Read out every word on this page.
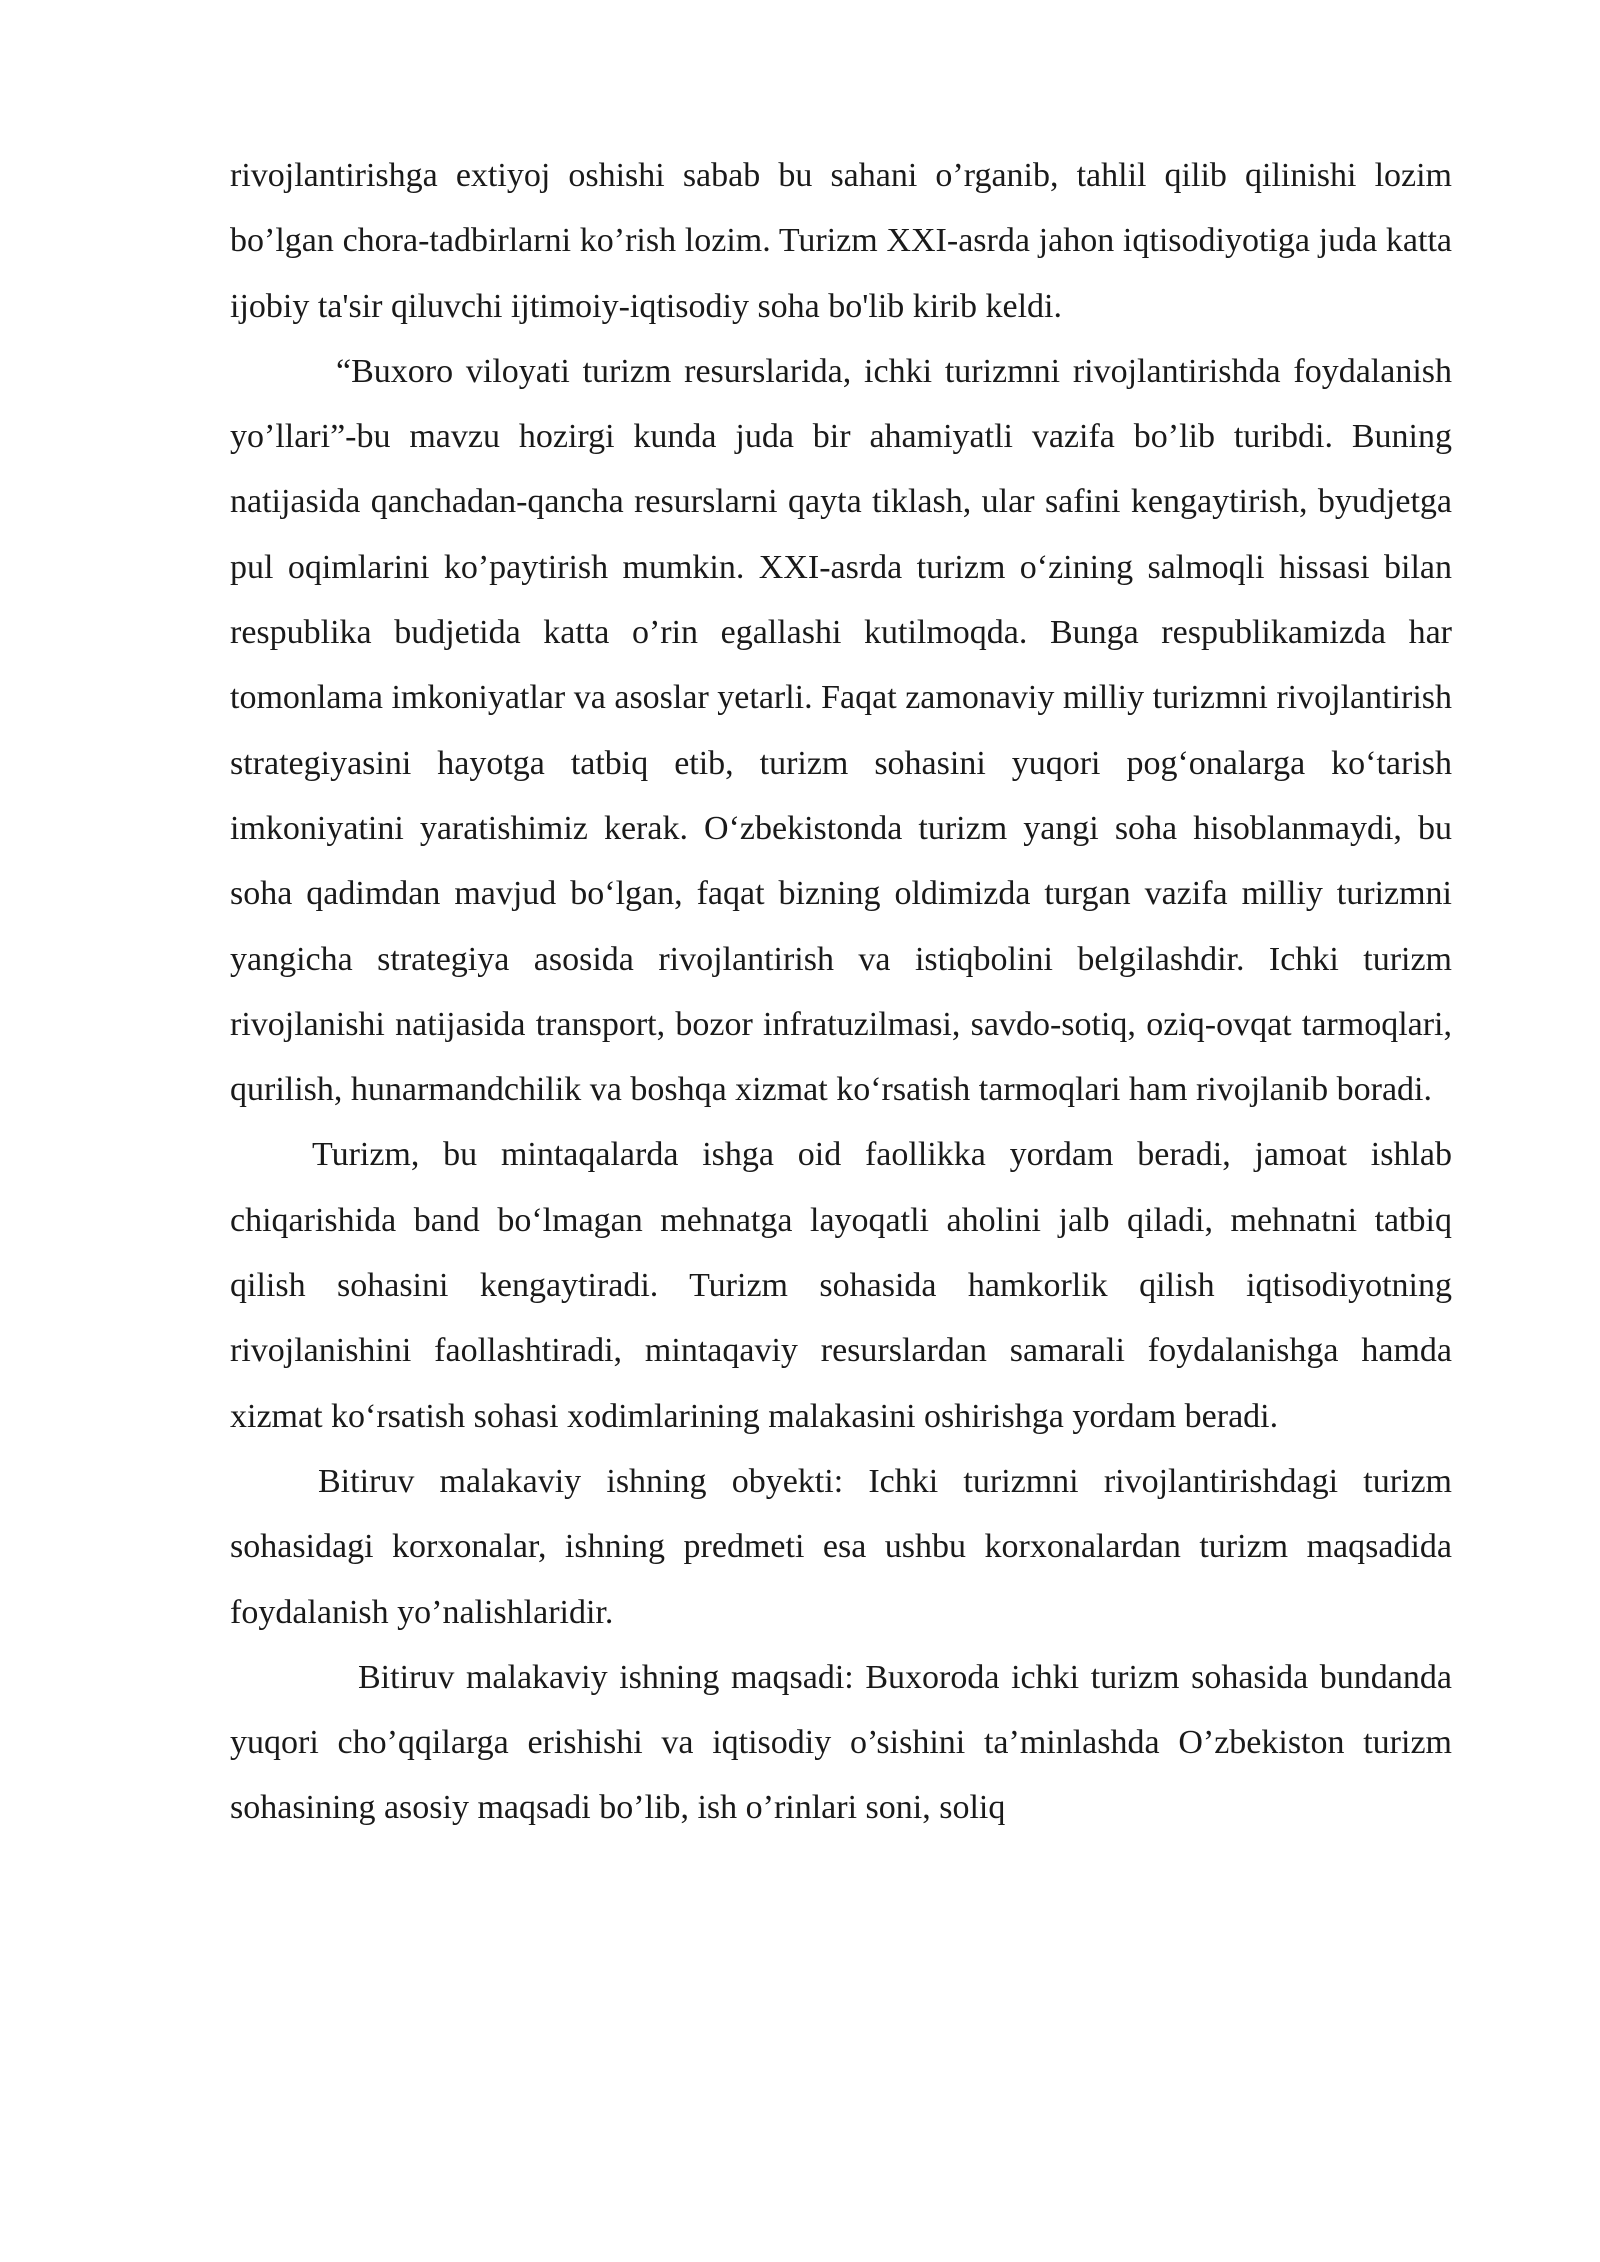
rivojlantirishga extiyoj oshishi sabab bu sahani o’rganib, tahlil qilib qilinishi lozim bo’lgan chora-tadbirlarni ko’rish lozim. Turizm XXI-asrda jahon iqtisodiyotiga juda katta ijobiy ta'sir qiluvchi ijtimoiy-iqtisodiy soha bo'lib kirib keldi.

“Buxoro viloyati turizm resurslarida, ichki turizmni rivojlantirishda foydalanish yo’llari”-bu mavzu hozirgi kunda juda bir ahamiyatli vazifa bo’lib turibdi. Buning natijasida qanchadan-qancha resurslarni qayta tiklash, ular safini kengaytirish, byudjetga pul oqimlarini ko’paytirish mumkin. XXI-asrda turizm o‘zining salmoqli hissasi bilan respublika budjetida katta o’rin egallashi kutilmoqda. Bunga respublikamizda har tomonlama imkoniyatlar va asoslar yetarli. Faqat zamonaviy milliy turizmni rivojlantirish strategiyasini hayotga tatbiq etib, turizm sohasini yuqori pog‘onalarga ko‘tarish imkoniyatini yaratishimiz kerak. O‘zbekistonda turizm yangi soha hisoblanmaydi, bu soha qadimdan mavjud bo‘lgan, faqat bizning oldimizda turgan vazifa milliy turizmni yangicha strategiya asosida rivojlantirish va istiqbolini belgilashdir. Ichki turizm rivojlanishi natijasida transport, bozor infratuzilmasi, savdo-sotiq, oziq-ovqat tarmoqlari, qurilish, hunarmandchilik va boshqa xizmat ko‘rsatish tarmoqlari ham rivojlanib boradi.

Turizm, bu mintaqalarda ishga oid faollikka yordam beradi, jamoat ishlab chiqarishida band bo‘lmagan mehnatga layoqatli aholini jalb qiladi, mehnatni tatbiq qilish sohasini kengaytiradi. Turizm sohasida hamkorlik qilish iqtisodiyotning rivojlanishini faollashtiradi, mintaqaviy resurslardan samarali foydalanishga hamda xizmat ko‘rsatish sohasi xodimlarining malakasini oshirishga yordam beradi.

Bitiruv malakaviy ishning obyekti: Ichki turizmni rivojlantirishdagi turizm sohasidagi korxonalar, ishning predmeti esa ushbu korxonalardan turizm maqsadida foydalanish yo’nalishlaridir.

Bitiruv malakaviy ishning maqsadi: Buxoroda ichki turizm sohasida bundanda yuqori cho’qqilarga erishishi va iqtisodiy o’sishini ta’minlashda O’zbekiston turizm sohasining asosiy maqsadi bo’lib, ish o’rinlari soni, soliq
